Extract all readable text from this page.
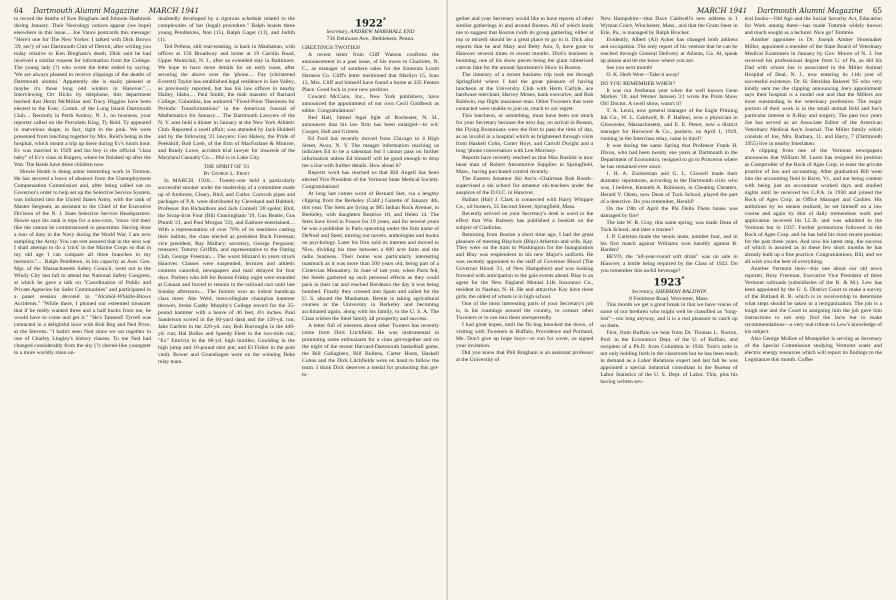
64 Dartmouth Alumni Magazine MARCH 1941

to record the deaths of Ken Bingham and Johnnie Hasbrook during January. Their Necrology notices appear (we hope) elsewhere in this issue.... Joe Vance postcards this message: "Here's one for The New Yorker. I talked with Dick Brown '29, sec'y of our Dartmouth Club of Detroit, after writing you today relative to Ken Bingham's death. Dick said he had received a similar request for information from the College. The young lady (?) who wrote the letter ended by saying: 'We are always pleased to receive clippings of the deaths of Dartmouth alumni.' Apparently she is easily pleased or maybe it's those long odd winters in Hanover.".... Interviewing Ort Hicks by telephone, this department learned that Herm McMillan and Tracy Higgins have been elected to the Exec. Comm. of the Long Island Dartmouth Club.... Recently in Perth Amboy, N. J., on business, your reporter called on the Porcelain King, Ty Reid. Ty appeared in marvelous shape, in fact, right in the pink. We were presented from lunching together by Mrs. Reid's being in the hospital, which meant a trip up there during Ev's lunch hour. Ev was married in 1929 and his boy is the official "class baby" of Ev's class at Rutgers, where he finished up after the War. The Reids have three children now.

Howie Heath is doing some interesting work in Trenton. He has secured a leave of absence from the Unemployment Compensation Commission and, after being called out on Governor's order to help set up the Selective Service System, was inducted into the United States Army, with the rank of Master Sergeant, as assistant to the Chief of the Executive Division of the N. J. State Selective Service Headquarters. Howie says his rank is tops for a non-com, "since 'old men' like me cannot be commissioned in peacetime. Having done a tour of duty in the Navy during the World War, I am now sampling the Army. You can rest assured that in the next war I shall attempt to do a 'trick' in the Marine Corps so that in my old age I can compare all three branches in my memoirs.".... Ralph Pendleton, in his capacity as Asst. Gen. Mgr. of the Massachusetts Safety Council, went out to the Windy City last fall to attend the National Safety Congress, at which he gave a talk on "Coordination of Public and Private Agencies for Safer Communities" and participated in a panel session devoted to "Alcohol-Whistle-Blows Accidents." "While there, I phoned our esteemed treasurer that if he really wanted three and a half bucks from me, he would have to come and get it." "He's Tamned! Tyrrell was contacted in a delightful hour with Bob Reg and Ned Price, at the Stevens. "I hadn't seen Ned since we sat together in one of Charley Lingley's history classes. To me Ned had changed considerably from the shy (?) cherub-like youngster to a more worldly mien un-

doubtedly developed by a rigorous schedule related to the complexities of bar (legal) procedure." Ralph boasts three young Pendletons, Nan (15), Ralph Gager (11), and Judith (1).

Ted Pellens, still real-estating, is back in Manhattan, with offices at 150 Broadway and home at 19 Carolin Road, Upper Montclair, N. J., after an extended stay in Baltimore. We hope to have more details for an early issue, after securing the above over the 'phone.... Fay (christened Everett) Taylor has established legal residence in Sun Valley, as previously reported, but has his law offices in nearby Hailey, Idaho.... Paul Smith, the mah maestro of Barnard College, Columbia, has authored "Fixed-Point Theorems for Periodic Transformations" in the American Journal of Mathematics for January.... The Dartmouth Lawyers of the N. Y. area held a dinner in January at the New York Athletic Club. Reported a swell affair; was attended by Jack Hubbell and by the following '21 lawyers: Geo Halsey, the Pride of Peekskill; Bob Loeb, of the firm of MacFarlane & Monroe, and Randy Lowe, accident trial lawyer for insureds of the Maryland Casualty Co.... Phil is in Lake City.

THE SPIRIT OF '21

By George L. Frost

In MARCH, 1920.... Twenty-one held a particularly successful smoker under the leadership of a committee made up of Ambrose, Cleary, Bird, and Cutler. Corncob pipes and packages of P.A. were distributed by Cleveland and Hubbell; Professor Jim Richardson and Jack Connell '20 spoke; Bird, the Scrap-Iron Four (Bill Cunningham '19, Gus Beatie, Gus Plumb '21, and Paul Morgan '23), and Eashore entertained.... With a representation of over 70% of its members casting their ballots, the class elected as president Buck Freeman; vice president, Ray Mallary; secretary, George Ferguson; treasurer, Tommy Griffith, and representative to the Outing Club, George Freeman.... The worst blizzard in years struck Hanover. Classes were suspended, lectures and athletic contests canceled, newspapers and mail delayed for four days. Partiers who left for Boston Friday night were stranded at Canaan and forced to remain in the railroad cars until late Sunday afternoon.... The Juniors won an indoor handicap class meet. Abe Weld, intercollegiate champion hammer thrower, broke Caddy Murphy's College record for the 35-pound hammer with a heave of 46 feet, 4½ inches. Paul Sanderson scored in the 60-yard dash and the 120-yd. run; Jake Garfein in the 220-yd. run; Bob Burroughs in the 440-yd. run; Hal Bolles and Speedy Fleet in the two-mile run; "Ex" Emricin in the 60-yd. high hurdles; Goulding in the high jump and 16-pound shot put; and El Fisher in the pole vault. Bower and Gruenhagen were on the winning Deke relay team.

1922*

Secretary, ANDREW MARSHALL END

736 Delaware Ave., Bethlehem, Penna.

GREETINGS TWOTIES!

A recent letter from Cliff Watson confirms the announcement in a past issue, of his move to Charlotte, N. C., as manager of southern sales for the Emmons Loom Harness Co. Cliff's letter mentioned that Marilyn 15, Joan 13, Mrs. Cliff and himself have found a home at 235 Fenton Place. Good luck in your new position.

Coward McCann, Inc., New York publishers, have announced the appointment of our own Cecil Goldbeck as editor. Congratulations!

Red Hall, famed legal light of Rochester, N. H., announces that his law firm has been enlarged—to wit: Cooper, Hall and Grimes.

Ed Ford has recently moved from Chicago to 4 High Street, Avon, N. Y. The meager information reaching us indicates Ed to be a salesman but I cannot pass on further information unless Ed himself will be good enough to drop me a line with further details. How about it?

Reports word has reached us that Bill Angell has been elected Vice President of the Vermont State Medical Society. Congratulations!

At long last comes word of Bernard Stet, via a lengthy clipping from the Berkeley (Calif.) Gazette of January 4th, this year. The Stets are living at 985 Indian Rock Avenue, in Berkeley, with daughters Beatrice 18, and Helen 14. The Stets have lived in France for 19 years, and for several years he was a publisher in Paris operating under the firm name of DeNoel and Steel, turning out novels, anthologies and books on psychology. Later his firm sold its interest and moved to Nice, dividing his time between a 600 acre farm and the radio business. Their home was particularly interesting inasmuch as it was more than 500 years old, being part of a Cistercian Monastery. In June of last year, when Paris fell, the Steels gathered up such personal effects as they could pack in their car and reached Bordeaux the day it was being bombed. Finally they crossed into Spain and sailed for the U. S. aboard the Manhattan. Bernie is taking agricultural courses at the University in Berkeley and becoming acclimated again, along with his family, to the U. S. A. The Class wishes the Steel family all prosperity and success.

A letter full of interests about other Twoters has recently come from Dick Litchfield. He was instrumental in promoting some enthusiasm for a class get-together and on the night of the recent Harvard-Dartmouth basketball game, the Bill Gallaghers, Bill Bullens, Carter Hosts, Haskell Cohns and the Dick Litchfields were on hand to follow the team. I think Dick deserves a medal for promoting this get-to-

MARCH 1941 Dartmouth Alumni Magazine 65

gether and your Secretary would like to have reports of other similar gatherings in and around Boston. All of which leads me to suggest that Boston (with its group gathering, either at top or mixed) should be a great place to go to it. Dick also reports that he and Mary and Betty Ann, 9, have gone to Hanover several times in recent months. Dick's business is booming, one of his show pieces being the giant rubberized canvas fake for the annual Sportsmen's Show in Boston.

The itinerary of a recent business trip took me through Springfield where I had the great pleasure of having luncheon at the University Club with Herm Carlyle, ace hardware merchant, Harvey Moses, bank executive, and Bob Baldwin, top flight insurance man. Other Twooters that were contacted were unable to join us, much to our regret.

This luncheon, or something, must have been too much for your Secretary because the next day, on arrival in Boston, the Flying Bostonians were the first to pass the time of day, as an invalid in a hospital which as brightened through visits from Haskell Cohn, Carter Hoyt, and Carroll Dwight and a long 'phone conversation with Len Morrisey.

Reports have recently reached us that Max Boshitz is now head man of Robert Automotive Supplies in Springfield, Mass., having purchased control recently.

The Eastern Amateur Ski Ass'n.–Chairman Bob Booth–supervised a ski school for amateur ski-teachers under the auspices of the D.O.C. in Hanover.

Hallam (Hal) J. Clark is connected with Harry Whipple Co., oil burners, 55 Second Street, Springfield, Mass.

Recently arrived on your Secretary's desk is word to the effect that Win Ramsey has published a booklet on the subject of Gladiolas.

Returning from Boston a short time ago, I had the great pleasure of meeting Blaylock (Blay) Atherton and wife, Kay. They were on the train to Washington for the Inauguration and Blay was resplendent in his new Major's uniform. He was recently appointed to the staff of Governor Blood (The Governor Blood '21, of New Hampshire) and was looking forward with anticipation to the gala events ahead. Blay is an agent for the New England Mutual Life Insurance Co., resident in Nashua, N. H. He and attractive Kay have three girls, the oldest of whom is in high school.

One of the most interesting parts of your Secretary's job is, in his roamings around the country, to contact other Twooters or to run into them unexpectedly.

I had great hopes, until the flu bug knocked me down, of visiting with Twooters in Buffalo, Providence and Portland, Me. Don't give up hope boys—or run for cover, so signed your invitation.

Did you know that Phil Bingham is an assistant professor at the University of

New Hampshire—that Dave Caldwell's new address is 1 Wyman Court, Winchester, Mass., and that the Grant Steer in Erie, Pa., is managed by Ralph Brucker.

Evidently, Albert (Al) Acker has changed both address and occupation. The only report of his venture that he can be reached through General Delivery at Atlanta, Ga. Al, speak up please and let me know where you are.

See you next month!

O. K. Herb West—Take it away!

DO YOU REMEMBER WHEN?

It was our freshman year when the well known Gene Markey '18, and Werner Janssen '21 wrote the Prom Show Oh! Doctor. A swell show, wasn't it?

T. A. Lenzi, now general manager of the Eagle Printing Ink Co., W. L. Caldwell, R. P. Halleni, now a physician in Gloucester, Massachusetts, and E. E. Penot, now a district manager for Horwood & Co., packers, on April 1, 1919, running in the Interclass relay, came in third?

It was during the same Spring that Professor Frank H. Dixon, who had been twenty one years at Dartmouth in the Department of Economics, resigned to go to Princeton where he has remained ever since.

J. H. A. Zuckerman and G. L. Clowell made their dramatic reputations, according to the Dartmouth critic who was, I believe, Kenneth A. Robinson, in Cheating Cheaters, Herald V. Olsen, now Dean of Tuck School, played the part of a detective. Do you remember, Herald?

On the 19th of April the Phi Delta Theta house was damaged by fire?

The late W. R. Gray, this same spring, was made Dean of Tuck School, and later a trustee?

J. P. Carleton made the tennis team, number four, and in his first match against Williams won handily against R. Harden?

BEVO, the "all-year-round soft drink" was on sale in Hanover, a bottle being required by the Class of 1922. Do you remember this awful beverage?

1923*

Secretary, SHERMAN BALDWIN

8 Fenimore Road, Worcester, Mass.

This month we get a great break in that we have voices of some of our brethren who might well be classified as "long-lost"—too long anyway, and it is a real pleasure to catch up on them.

First, from Buffalo we hear from Dr. Thomas L. Norton, Prof. in the Economics Dept. of the U. of Buffalo, and recipient of a Ph.D. from Columbia in 1936. Tom's mile is not only holding forth in the classroom but he has been much in demand as a Labor Relations expert and last fall he was appointed a special industrial consultant in the Bureau of Labor Statistics of the U. S. Dept. of Labor. This, plus his having written sev-

eral books—Old Age and the Social Security Act, Education for Work among them—has made Tommie widely known and much sought as a lecturer. Nice go! Tommie.

Another appointee is Dr. Joseph Amber Shoemaker Miller, appointed a member of the State Board of Veterinary Medical Examiners in January by Gov. Moore of N. J. Joe received his professional degree from U. of Pa. as did his Dad with whom Joe is associated in the Miller Animal Hospital of Deal, N. J., now entering its 11th year of successful existence. Dr. H. Sheridan Bakerel '95 who very kindly sent me the clipping announcing Joe's appointment says their hospital is a model one and that the Millers are most outstanding in the veterinary profession. The major portion of their work is in the small animal field and Joe's particular interest is X-Ray and surgery. The past two years Joe has served as an Associate Editor of the American Veterinary Medical Ass'n Journal. The Miller family which consists of Joe, Mrs. Barbara, 11, and Harry, 7 (Dartmouth 1955) live in nearby Interlaken.

A clipping from one of the Vermont newspapers announces that William M. Loom has resigned his position as Comptroller of the Rock of Ages Corp. to enter the private practice of law and accounting. After graduation Bill went into the accounting field in Barre, Vt., and not being content with being just an accountant worked days and studied nights until he received his C.P.A. in 1930 and joined the Rock of Ages Corp. as Office Manager and Cashier. His ambitions by no means realized, he set himself on a law course and again by dint of daily tremendous work and application received his LL.B. and was admitted to the Vermont bar in 1937. Further promotions followed in the Rock of Ages Corp. and he has held his most recent position for the past three years. And now his latest step, the success of which is assured as in these few short months he has already built up a fine practice. Congratulations, Bill, and we all wish you the best of everything.

Another Vermont item—this one about our old news reporter, Rosy Freeman, Executive Vice President of three Vermont railroads (subsidiaries of the B. & M.). Lew has been appointed by the U. S. District Court to make a survey of the Rutland R. R. which is in receivership to determine what steps should be taken in a reorganization. The job is a tough one and the Court in assigning him the job gave him instructions to not only find the facts but to make recommendations—a very real tribute to Lew's knowledge of his subject.

Also George McKee of Montpelier is serving as Secretary of the Special Commission studying Vermont water and electric energy resources which will report its findings to the Legislature this month. Coffee
